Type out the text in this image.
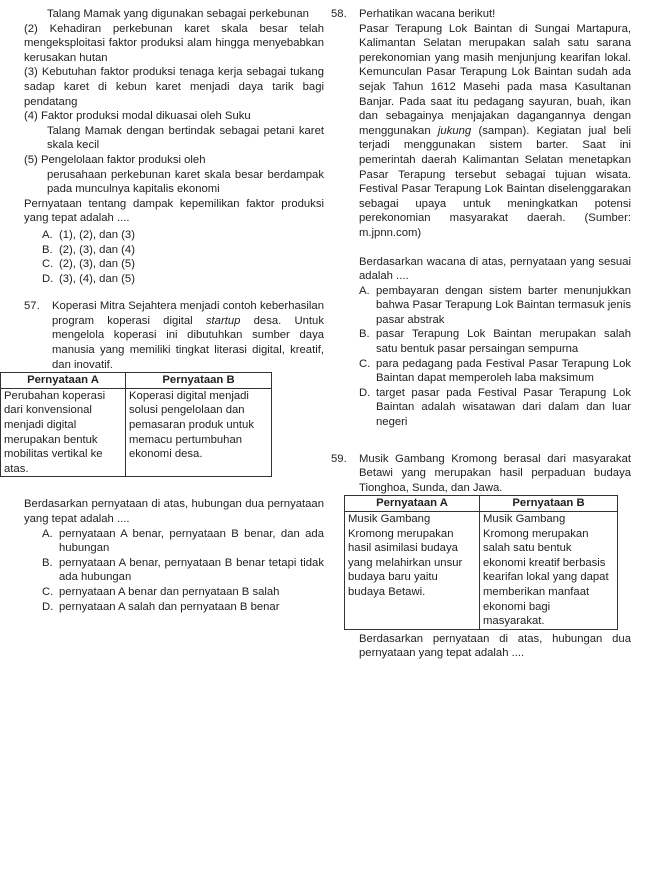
Talang Mamak yang digunakan sebagai perkebunan

(2) Kehadiran perkebunan karet skala besar telah mengeksploitasi faktor produksi alam hingga menyebabkan kerusakan hutan

(3) Kebutuhan faktor produksi tenaga kerja sebagai tukang sadap karet di kebun karet menjadi daya tarik bagi pendatang

(4) Faktor produksi modal dikuasai oleh Suku

Talang Mamak dengan bertindak sebagai petani karet skala kecil

(5) Pengelolaan faktor produksi oleh

perusahaan perkebunan karet skala besar berdampak pada munculnya kapitalis ekonomi

Pernyataan tentang dampak kepemilikan faktor produksi yang tepat adalah ....

A. (1), (2), dan (3)
B. (2), (3), dan (4)
C. (2), (3), dan (5)
D. (3), (4), dan (5)
57.	Koperasi Mitra Sejahtera menjadi contoh keberhasilan program koperasi digital startup desa. Untuk mengelola koperasi ini dibutuhkan sumber daya manusia yang memiliki tingkat literasi digital, kreatif, dan inovatif.
Pernyataan A	Pernyataan B
Perubahan koperasi dari konvensional menjadi digital merupakan bentuk mobilitas vertikal ke atas.	Koperasi digital menjadi solusi pengelolaan dan pemasaran produk untuk memacu pertumbuhan ekonomi desa.

Berdasarkan pernyataan di atas, hubungan dua pernyataan yang tepat adalah ....

A. pernyataan A benar, pernyataan B benar, dan ada hubungan
B. pernyataan A benar, pernyataan B benar tetapi tidak ada hubungan
C. pernyataan A benar dan pernyataan B salah
D. pernyataan A salah dan pernyataan B benar
58.	Perhatikan wacana berikut!

Pasar Terapung Lok Baintan di Sungai Martapura, Kalimantan Selatan merupakan salah satu sarana perekonomian yang masih menjunjung kearifan lokal. Kemunculan Pasar Terapung Lok Baintan sudah ada sejak Tahun 1612 Masehi pada masa Kasultanan Banjar. Pada saat itu pedagang sayuran, buah, ikan dan sebagainya menjajakan dagangannya dengan menggunakan jukung (sampan). Kegiatan jual beli terjadi menggunakan sistem barter. Saat ini pemerintah daerah Kalimantan Selatan menetapkan Pasar Terapung tersebut sebagai tujuan wisata. Festival Pasar Terapung Lok Baintan diselenggarakan sebagai upaya untuk meningkatkan potensi perekonomian masyarakat daerah. (Sumber: m.jpnn.com)

Berdasarkan wacana di atas, pernyataan yang sesuai adalah ....

A. pembayaran dengan sistem barter menunjukkan bahwa Pasar Terapung Lok Baintan termasuk jenis pasar abstrak
B. pasar Terapung Lok Baintan merupakan salah satu bentuk pasar persaingan sempurna
C. para pedagang pada Festival Pasar Terapung Lok Baintan dapat memperoleh laba maksimum
D. target pasar pada Festival Pasar Terapung Lok Baintan adalah wisatawan dari dalam dan luar negeri
59.	Musik Gambang Kromong berasal dari masyarakat Betawi yang merupakan hasil perpaduan budaya Tionghoa, Sunda, dan Jawa.
Pernyataan A	Pernyataan B
Musik Gambang Kromong merupakan hasil asimilasi budaya yang melahirkan unsur budaya baru yaitu budaya Betawi.	Musik Gambang Kromong merupakan salah satu bentuk ekonomi kreatif berbasis kearifan lokal yang dapat memberikan manfaat ekonomi bagi masyarakat.

Berdasarkan pernyataan di atas, hubungan dua pernyataan yang tepat adalah ....
